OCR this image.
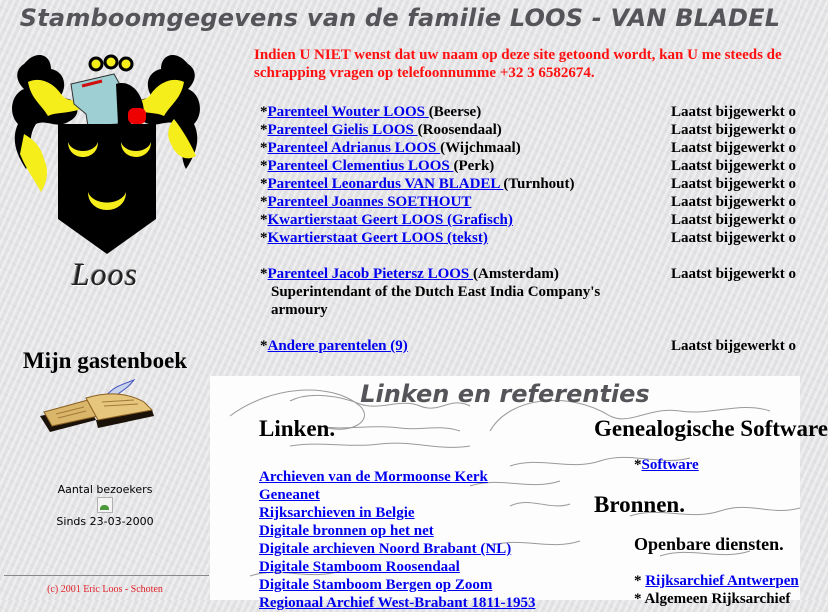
Stamboomgegevens van de familie LOOS - VAN BLADEL
Loos
Mijn gastenboek
Aantal bezoekers
Sinds 23-03-2000
(c) 2001 Eric Loos - Schoten
Indien U NIET wenst dat uw naam op deze site getoond wordt, kan U me steeds de schrapping vragen op telefoonnumme +32 3 6582674.
*Parenteel Wouter LOOS (Beerse)	Laatst bijgewerkt o
*Parenteel Gielis LOOS (Roosendaal)	Laatst bijgewerkt o
*Parenteel Adrianus LOOS (Wijchmaal)	Laatst bijgewerkt o
*Parenteel Clementius LOOS (Perk)	Laatst bijgewerkt o
*Parenteel Leonardus VAN BLADEL (Turnhout)	Laatst bijgewerkt o
*Parenteel Joannes SOETHOUT	Laatst bijgewerkt o
*Kwartierstaat Geert LOOS (Grafisch)	Laatst bijgewerkt o
*Kwartierstaat Geert LOOS (tekst)	Laatst bijgewerkt o
*Parenteel Jacob Pietersz LOOS (Amsterdam)	Laatst bijgewerkt o
Superintendant of the Dutch East India Company's armoury
*Andere parentelen (9)	Laatst bijgewerkt o
Linken en referenties
Linken.
Archieven van de Mormoonse Kerk
Geneanet
Rijksarchieven in Belgie
Digitale bronnen op het net
Digitale archieven Noord Brabant (NL)
Digitale Stamboom Roosendaal
Digitale Stamboom Bergen op Zoom
Regionaal Archief West-Brabant 1811-1953
Genealogische Software
*Software
Bronnen.
Openbare diensten.
* Rijksarchief Antwerpen
* Algemeen Rijksarchief
